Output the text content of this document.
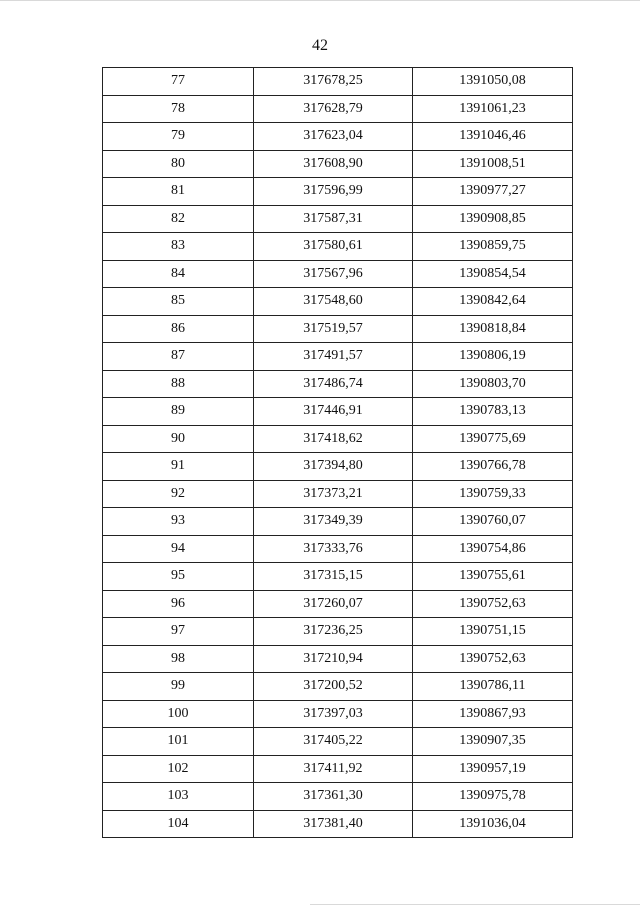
42
77	317678,25	1391050,08
78	317628,79	1391061,23
79	317623,04	1391046,46
80	317608,90	1391008,51
81	317596,99	1390977,27
82	317587,31	1390908,85
83	317580,61	1390859,75
84	317567,96	1390854,54
85	317548,60	1390842,64
86	317519,57	1390818,84
87	317491,57	1390806,19
88	317486,74	1390803,70
89	317446,91	1390783,13
90	317418,62	1390775,69
91	317394,80	1390766,78
92	317373,21	1390759,33
93	317349,39	1390760,07
94	317333,76	1390754,86
95	317315,15	1390755,61
96	317260,07	1390752,63
97	317236,25	1390751,15
98	317210,94	1390752,63
99	317200,52	1390786,11
100	317397,03	1390867,93
101	317405,22	1390907,35
102	317411,92	1390957,19
103	317361,30	1390975,78
104	317381,40	1391036,04
